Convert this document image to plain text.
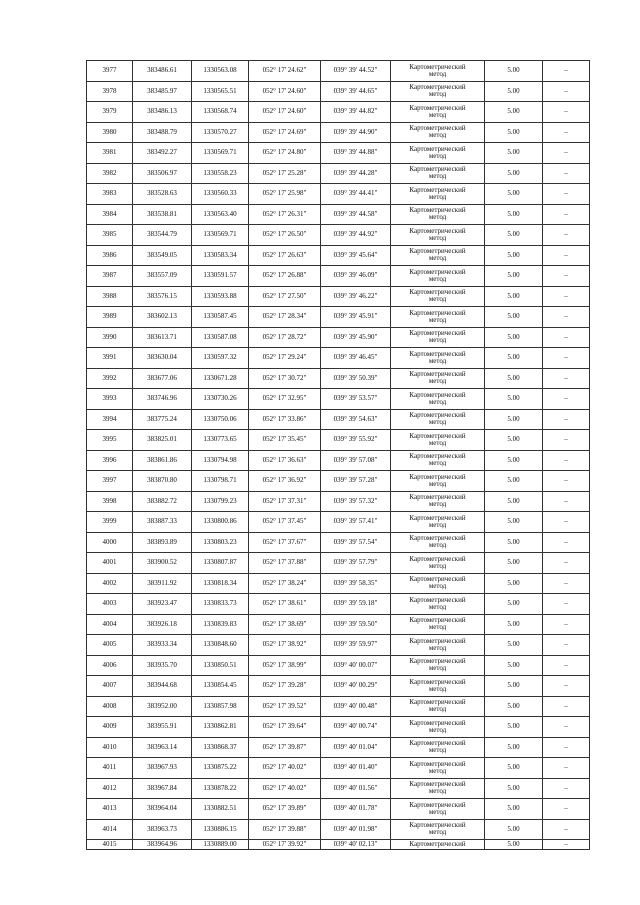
3977	383486.61	1330563.08	052° 17' 24.62"	039° 39' 44.52"	Картометрический
метод	5.00	–
3978	383485.97	1330565.51	052° 17' 24.60"	039° 39' 44.65"	Картометрический
метод	5.00	–
3979	383486.13	1330568.74	052° 17' 24.60"	039° 39' 44.82"	Картометрический
метод	5.00	–
3980	383488.79	1330570.27	052° 17' 24.69"	039° 39' 44.90"	Картометрический
метод	5.00	–
3981	383492.27	1330569.71	052° 17' 24.80"	039° 39' 44.88"	Картометрический
метод	5.00	–
3982	383506.97	1330558.23	052° 17' 25.28"	039° 39' 44.28"	Картометрический
метод	5.00	–
3983	383528.63	1330560.33	052° 17' 25.98"	039° 39' 44.41"	Картометрический
метод	5.00	–
3984	383538.81	1330563.40	052° 17' 26.31"	039° 39' 44.58"	Картометрический
метод	5.00	–
3985	383544.79	1330569.71	052° 17' 26.50"	039° 39' 44.92"	Картометрический
метод	5.00	–
3986	383549.05	1330583.34	052° 17' 26.63"	039° 39' 45.64"	Картометрический
метод	5.00	–
3987	383557.09	1330591.57	052° 17' 26.88"	039° 39' 46.09"	Картометрический
метод	5.00	–
3988	383576.15	1330593.88	052° 17' 27.50"	039° 39' 46.22"	Картометрический
метод	5.00	–
3989	383602.13	1330587.45	052° 17' 28.34"	039° 39' 45.91"	Картометрический
метод	5.00	–
3990	383613.71	1330587.08	052° 17' 28.72"	039° 39' 45.90"	Картометрический
метод	5.00	–
3991	383630.04	1330597.32	052° 17' 29.24"	039° 39' 46.45"	Картометрический
метод	5.00	–
3992	383677.06	1330671.28	052° 17' 30.72"	039° 39' 50.39"	Картометрический
метод	5.00	–
3993	383746.96	1330730.26	052° 17' 32.95"	039° 39' 53.57"	Картометрический
метод	5.00	–
3994	383775.24	1330750.06	052° 17' 33.86"	039° 39' 54.63"	Картометрический
метод	5.00	–
3995	383825.01	1330773.65	052° 17' 35.45"	039° 39' 55.92"	Картометрический
метод	5.00	–
3996	383861.86	1330794.98	052° 17' 36.63"	039° 39' 57.08"	Картометрический
метод	5.00	–
3997	383870.80	1330798.71	052° 17' 36.92"	039° 39' 57.28"	Картометрический
метод	5.00	–
3998	383882.72	1330799.23	052° 17' 37.31"	039° 39' 57.32"	Картометрический
метод	5.00	–
3999	383887.33	1330800.86	052° 17' 37.45"	039° 39' 57.41"	Картометрический
метод	5.00	–
4000	383893.89	1330803.23	052° 17' 37.67"	039° 39' 57.54"	Картометрический
метод	5.00	–
4001	383900.52	1330807.87	052° 17' 37.88"	039° 39' 57.79"	Картометрический
метод	5.00	–
4002	383911.92	1330818.34	052° 17' 38.24"	039° 39' 58.35"	Картометрический
метод	5.00	–
4003	383923.47	1330833.73	052° 17' 38.61"	039° 39' 59.18"	Картометрический
метод	5.00	–
4004	383926.18	1330839.83	052° 17' 38.69"	039° 39' 59.50"	Картометрический
метод	5.00	–
4005	383933.34	1330848.60	052° 17' 38.92"	039° 39' 59.97"	Картометрический
метод	5.00	–
4006	383935.70	1330850.51	052° 17' 38.99"	039° 40' 00.07"	Картометрический
метод	5.00	–
4007	383944.68	1330854.45	052° 17' 39.28"	039° 40' 00.29"	Картометрический
метод	5.00	–
4008	383952.00	1330857.98	052° 17' 39.52"	039° 40' 00.48"	Картометрический
метод	5.00	–
4009	383955.91	1330862.81	052° 17' 39.64"	039° 40' 00.74"	Картометрический
метод	5.00	–
4010	383963.14	1330868.37	052° 17' 39.87"	039° 40' 01.04"	Картометрический
метод	5.00	–
4011	383967.93	1330875.22	052° 17' 40.02"	039° 40' 01.40"	Картометрический
метод	5.00	–
4012	383967.84	1330878.22	052° 17' 40.02"	039° 40' 01.56"	Картометрический
метод	5.00	–
4013	383964.04	1330882.51	052° 17' 39.89"	039° 40' 01.78"	Картометрический
метод	5.00	–
4014	383963.73	1330886.15	052° 17' 39.88"	039° 40' 01.98"	Картометрический
метод	5.00	–
4015	383964.96	1330889.00	052° 17' 39.92"	039° 40' 02.13"	Картометрический	5.00	–
